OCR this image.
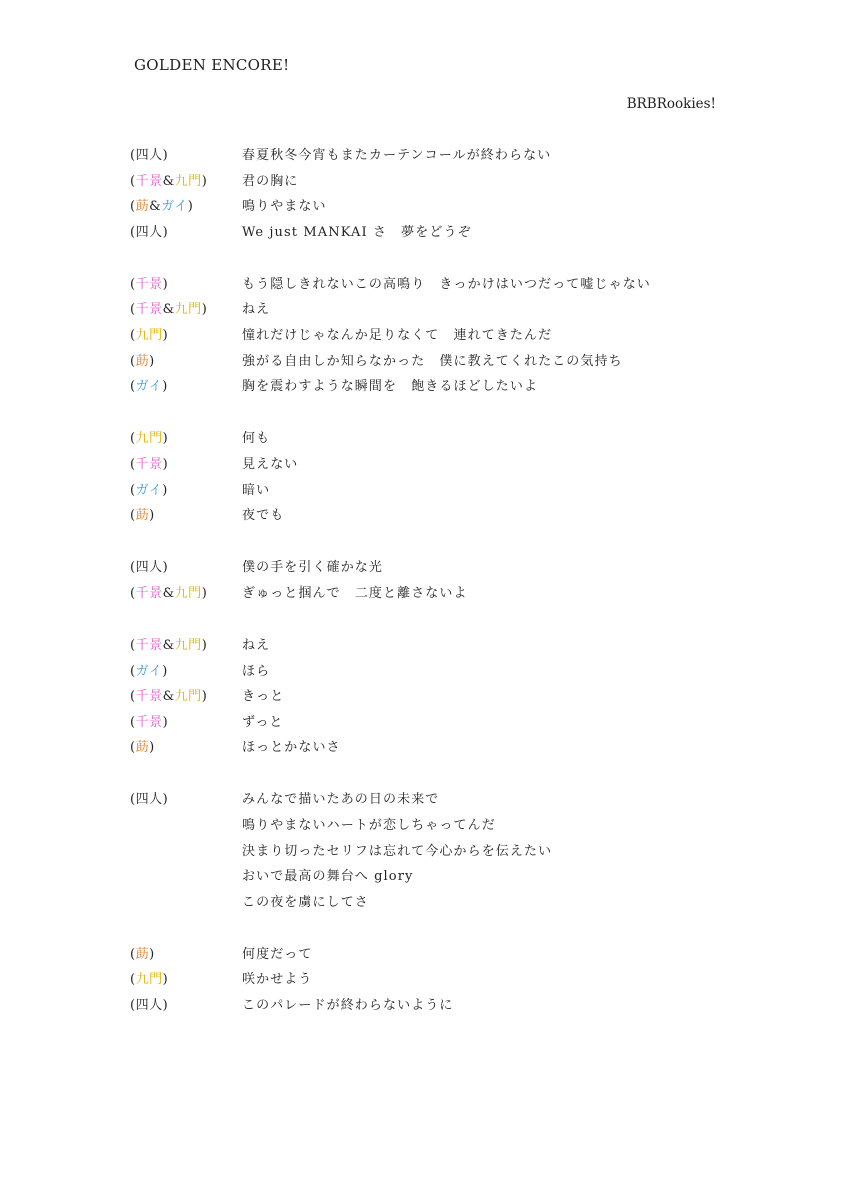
GOLDEN ENCORE!
BRBRookies!
(四人)	春夏秋冬今宵もまたカーテンコールが終わらない
(千景&九門)	君の胸に
(莇&ガイ)	鳴りやまない
(四人)	We just MANKAI さ　夢をどうぞ
(千景)	もう隠しきれないこの高鳴り　きっかけはいつだって嘘じゃない
(千景&九門)	ねえ
(九門)	憧れだけじゃなんか足りなくて　連れてきたんだ
(莇)	強がる自由しか知らなかった　僕に教えてくれたこの気持ち
(ガイ)	胸を震わすような瞬間を　飽きるほどしたいよ
(九門)	何も
(千景)	見えない
(ガイ)	暗い
(莇)	夜でも
(四人)	僕の手を引く確かな光
(千景&九門)	ぎゅっと掴んで　二度と離さないよ
(千景&九門)	ねえ
(ガイ)	ほら
(千景&九門)	きっと
(千景)	ずっと
(莇)	ほっとかないさ
(四人)	みんなで描いたあの日の未来で
鳴りやまないハートが恋しちゃってんだ
決まり切ったセリフは忘れて今心からを伝えたい
おいで最高の舞台へ glory
この夜を虜にしてさ
(莇)	何度だって
(九門)	咲かせよう
(四人)	このパレードが終わらないように
